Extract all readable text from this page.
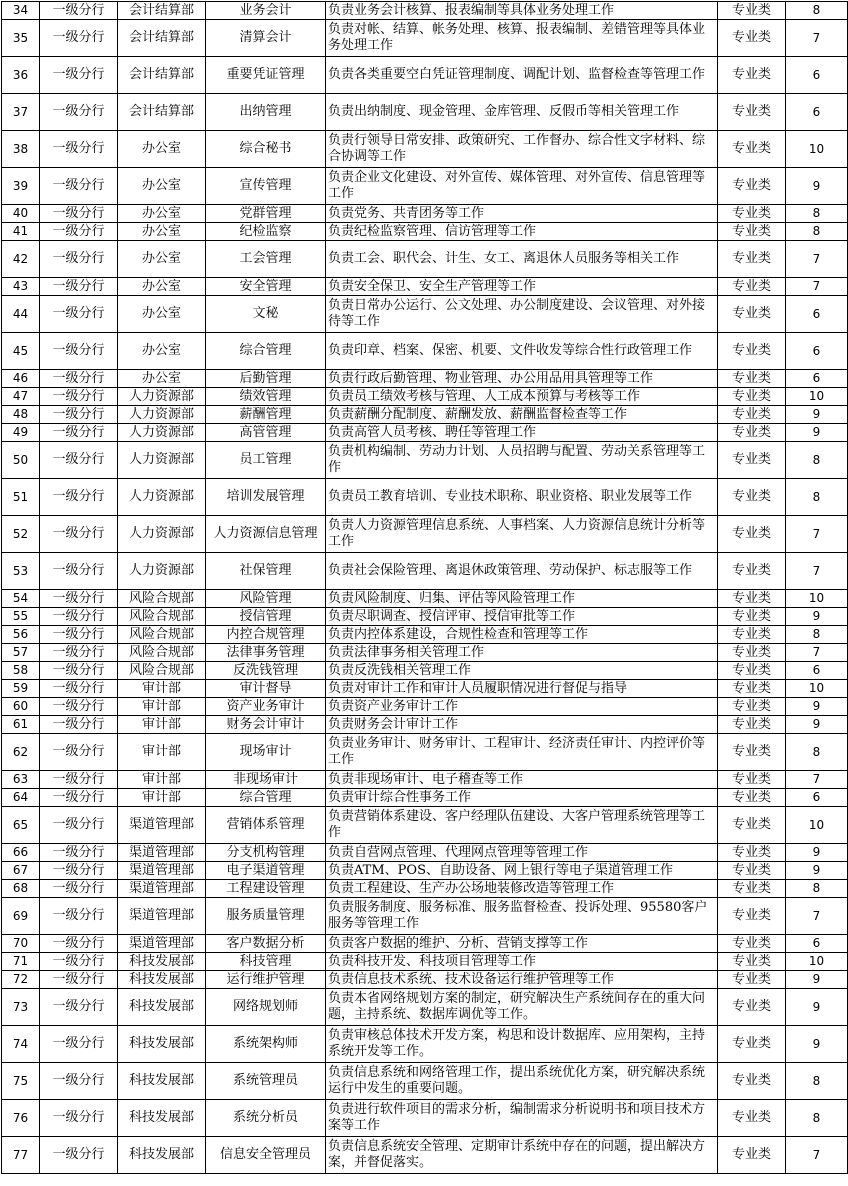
34	一级分行	会计结算部	业务会计	负责业务会计核算、报表编制等具体业务处理工作	专业类	8
35	一级分行	会计结算部	清算会计	负责对帐、结算、帐务处理、核算、报表编制、差错管理等具体业务处理工作	专业类	7
36	一级分行	会计结算部	重要凭证管理	负责各类重要空白凭证管理制度、调配计划、监督检查等管理工作	专业类	6
37	一级分行	会计结算部	出纳管理	负责出纳制度、现金管理、金库管理、反假币等相关管理工作	专业类	6
38	一级分行	办公室	综合秘书	负责行领导日常安排、政策研究、工作督办、综合性文字材料、综合协调等工作	专业类	10
39	一级分行	办公室	宣传管理	负责企业文化建设、对外宣传、媒体管理、对外宣传、信息管理等工作	专业类	9
40	一级分行	办公室	党群管理	负责党务、共青团务等工作	专业类	8
41	一级分行	办公室	纪检监察	负责纪检监察管理、信访管理等工作	专业类	8
42	一级分行	办公室	工会管理	负责工会、职代会、计生、女工、离退休人员服务等相关工作	专业类	7
43	一级分行	办公室	安全管理	负责安全保卫、安全生产管理等工作	专业类	7
44	一级分行	办公室	文秘	负责日常办公运行、公文处理、办公制度建设、会议管理、对外接待等工作	专业类	6
45	一级分行	办公室	综合管理	负责印章、档案、保密、机要、文件收发等综合性行政管理工作	专业类	6
46	一级分行	办公室	后勤管理	负责行政后勤管理、物业管理、办公用品用具管理等工作	专业类	6
47	一级分行	人力资源部	绩效管理	负责员工绩效考核与管理、人工成本预算与考核等工作	专业类	10
48	一级分行	人力资源部	薪酬管理	负责薪酬分配制度、薪酬发放、薪酬监督检查等工作	专业类	9
49	一级分行	人力资源部	高管管理	负责高管人员考核、聘任等管理工作	专业类	9
50	一级分行	人力资源部	员工管理	负责机构编制、劳动力计划、人员招聘与配置、劳动关系管理等工作	专业类	8
51	一级分行	人力资源部	培训发展管理	负责员工教育培训、专业技术职称、职业资格、职业发展等工作	专业类	8
52	一级分行	人力资源部	人力资源信息管理	负责人力资源管理信息系统、人事档案、人力资源信息统计分析等工作	专业类	7
53	一级分行	人力资源部	社保管理	负责社会保险管理、离退休政策管理、劳动保护、标志服等工作	专业类	7
54	一级分行	风险合规部	风险管理	负责风险制度、归集、评估等风险管理工作	专业类	10
55	一级分行	风险合规部	授信管理	负责尽职调查、授信评审、授信审批等工作	专业类	9
56	一级分行	风险合规部	内控合规管理	负责内控体系建设，合规性检查和管理等工作	专业类	8
57	一级分行	风险合规部	法律事务管理	负责法律事务相关管理工作	专业类	7
58	一级分行	风险合规部	反洗钱管理	负责反洗钱相关管理工作	专业类	6
59	一级分行	审计部	审计督导	负责对审计工作和审计人员履职情况进行督促与指导	专业类	10
60	一级分行	审计部	资产业务审计	负责资产业务审计工作	专业类	9
61	一级分行	审计部	财务会计审计	负责财务会计审计工作	专业类	9
62	一级分行	审计部	现场审计	负责业务审计、财务审计、工程审计、经济责任审计、内控评价等工作	专业类	8
63	一级分行	审计部	非现场审计	负责非现场审计、电子稽查等工作	专业类	7
64	一级分行	审计部	综合管理	负责审计综合性事务工作	专业类	6
65	一级分行	渠道管理部	营销体系管理	负责营销体系建设、客户经理队伍建设、大客户管理系统管理等工作	专业类	10
66	一级分行	渠道管理部	分支机构管理	负责自营网点管理、代理网点管理等管理工作	专业类	9
67	一级分行	渠道管理部	电子渠道管理	负责ATM、POS、自助设备、网上银行等电子渠道管理工作	专业类	9
68	一级分行	渠道管理部	工程建设管理	负责工程建设、生产办公场地装修改造等管理工作	专业类	8
69	一级分行	渠道管理部	服务质量管理	负责服务制度、服务标准、服务监督检查、投诉处理、95580客户服务等管理工作	专业类	7
70	一级分行	渠道管理部	客户数据分析	负责客户数据的维护、分析、营销支撑等工作	专业类	6
71	一级分行	科技发展部	科技管理	负责科技开发、科技项目管理等工作	专业类	10
72	一级分行	科技发展部	运行维护管理	负责信息技术系统、技术设备运行维护管理等工作	专业类	9
73	一级分行	科技发展部	网络规划师	负责本省网络规划方案的制定，研究解决生产系统间存在的重大问题，主持系统、数据库调优等工作。	专业类	9
74	一级分行	科技发展部	系统架构师	负责审核总体技术开发方案，构思和设计数据库、应用架构，主持系统开发等工作。	专业类	9
75	一级分行	科技发展部	系统管理员	负责信息系统和网络管理工作，提出系统优化方案，研究解决系统运行中发生的重要问题。	专业类	8
76	一级分行	科技发展部	系统分析员	负责进行软件项目的需求分析，编制需求分析说明书和项目技术方案等工作	专业类	8
77	一级分行	科技发展部	信息安全管理员	负责信息系统安全管理、定期审计系统中存在的问题，提出解决方案，并督促落实。	专业类	7
